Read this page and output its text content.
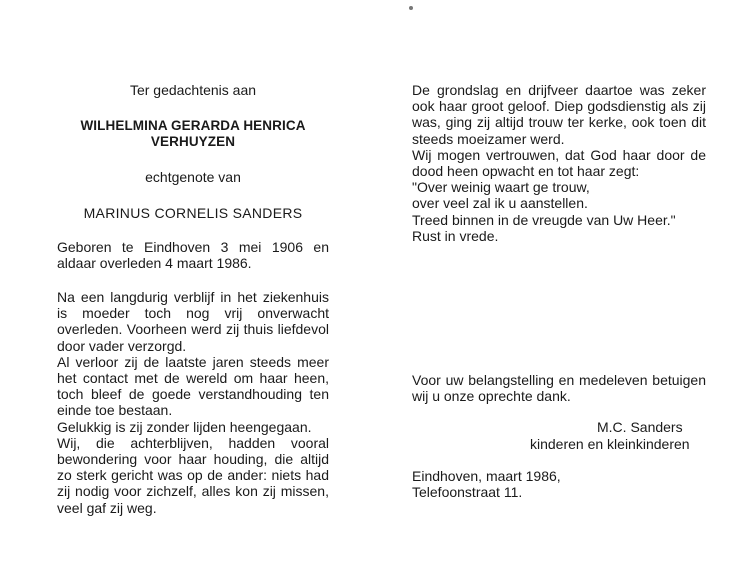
Ter gedachtenis aan

WILHELMINA GERARDA HENRICA

VERHUYZEN

echtgenote van

MARINUS CORNELIS SANDERS

Geboren te Eindhoven 3 mei 1906 en aldaar overleden 4 maart 1986.

Na een langdurig verblijf in het ziekenhuis is moeder toch nog vrij onverwacht overleden. Voorheen werd zij thuis liefdevol door vader verzorgd.

Al verloor zij de laatste jaren steeds meer het contact met de wereld om haar heen, toch bleef de goede verstandhouding ten einde toe bestaan.

Gelukkig is zij zonder lijden heengegaan.

Wij, die achterblijven, hadden vooral bewondering voor haar houding, die altijd zo sterk gericht was op de ander: niets had zij nodig voor zichzelf, alles kon zij missen, veel gaf zij weg.

De grondslag en drijfveer daartoe was zeker ook haar groot geloof. Diep godsdienstig als zij was, ging zij altijd trouw ter kerke, ook toen dit steeds moeizamer werd.

Wij mogen vertrouwen, dat God haar door de dood heen opwacht en tot haar zegt:

"Over weinig waart ge trouw,

over veel zal ik u aanstellen.

Treed binnen in de vreugde van Uw Heer."

Rust in vrede.

Voor uw belangstelling en medeleven betuigen wij u onze oprechte dank.

M.C. Sanders

kinderen en kleinkinderen

Eindhoven, maart 1986,

Telefoonstraat 11.
